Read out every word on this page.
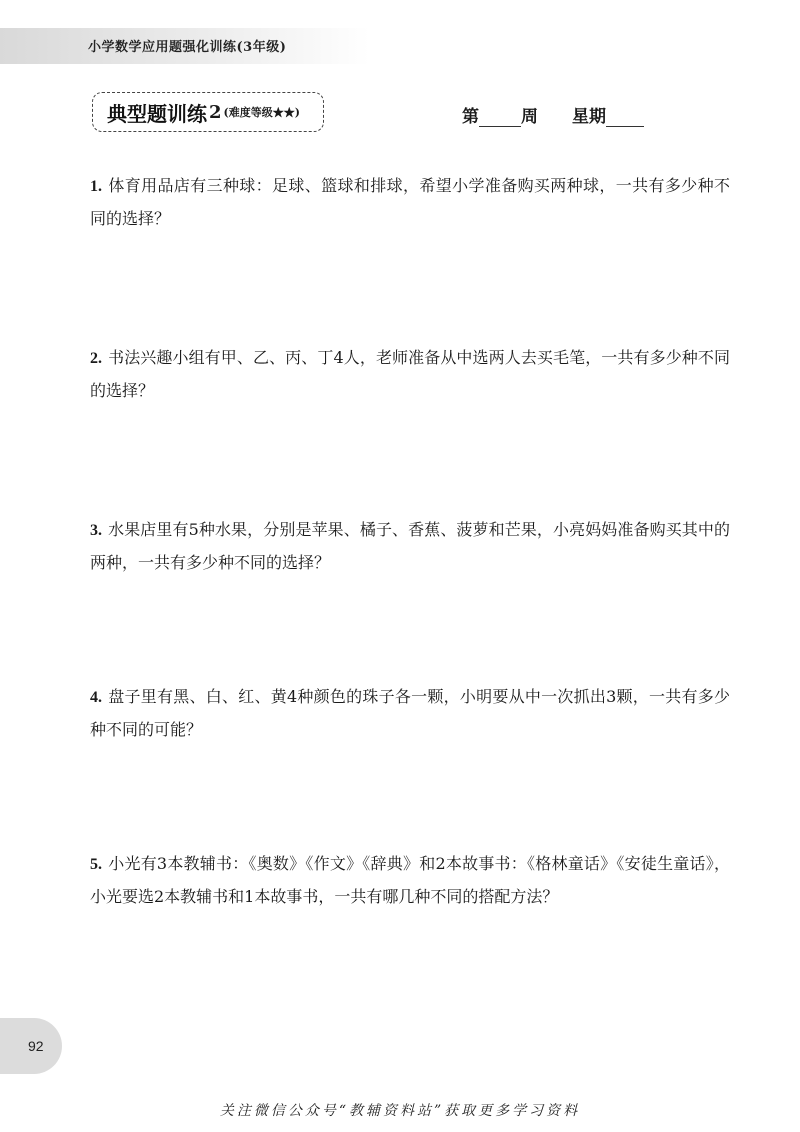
小学数学应用题强化训练(3年级)
典型题训练 2 (难度等级★★)	第 周 星期
1. 体育用品店有三种球：足球、篮球和排球，希望小学准备购买两种球，一共有多少种不同的选择？
2. 书法兴趣小组有甲、乙、丙、丁4人，老师准备从中选两人去买毛笔，一共有多少种不同的选择？
3. 水果店里有5种水果，分别是苹果、橘子、香蕉、菠萝和芒果，小亮妈妈准备购买其中的两种，一共有多少种不同的选择？
4. 盘子里有黑、白、红、黄4种颜色的珠子各一颗，小明要从中一次抓出3颗，一共有多少种不同的可能？
5. 小光有3本教辅书：《奥数》《作文》《辞典》和2本故事书：《格林童话》《安徒生童话》，小光要选2本教辅书和1本故事书，一共有哪几种不同的搭配方法？
92
关注微信公众号“教辅资料站”获取更多学习资料
